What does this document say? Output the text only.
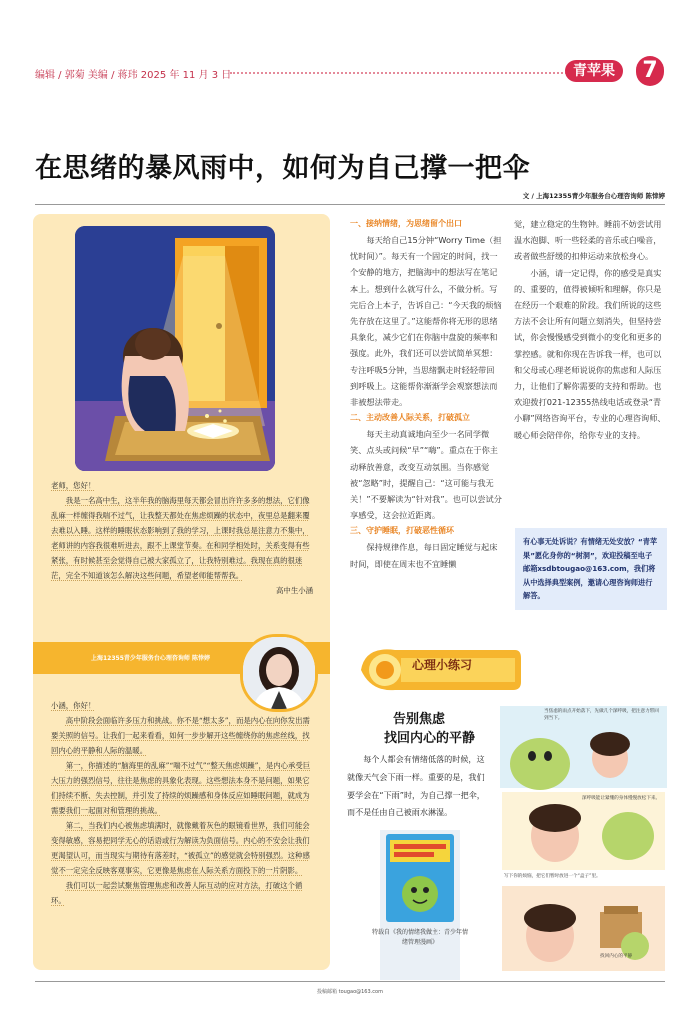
编辑 / 郭菊 美编 / 蒋玮 2025 年 11 月 3 日	青苹果	7
在思绪的暴风雨中，如何为自己撑一把伞
文 / 上海12355青少年服务台心理咨询师 陈悻婷

老师，您好！

我是一名高中生，这半年我的脑海里每天都会冒出许许多多的想法，它们像乱麻一样缠得我喘不过气，让我整天都处在焦虑烦躁的状态中，夜里总是翻来覆去难以入睡。这样的睡眠状态影响到了我的学习，上课时我总是注意力不集中，老师讲的内容我很难听进去，跟不上课堂节奏。在和同学相处时，关系变得有些紧张，有时候甚至会觉得自己被大家孤立了，让我特别难过。我现在真的很迷茫，完全不知道该怎么解决这些问题，希望老师能帮帮我。

高中生小涵

上海12355青少年服务台心理咨询师 陈悻婷

小涵，你好！

高中阶段会面临许多压力和挑战。你不是“想太多”，而是内心在向你发出需要关照的信号。让我们一起来看看，如何一步步解开这些缠绕你的焦虑丝线，找回内心的平静和人际的温暖。

第一，你描述的“脑海里的乱麻”“喘不过气”“整天焦虑烦躁”，是内心承受巨大压力的强烈信号，往往是焦虑的具象化表现。这些想法本身不是问题，如果它们持续不断、失去控制，并引发了持续的烦躁感和身体反应如睡眠问题，就成为需要我们一起面对和管理的挑战。

第二，当我们内心被焦虑填满时，就像戴着灰色的眼镜看世界，我们可能会变得敏感，容易把同学无心的话语或行为解读为负面信号。内心的不安会让我们更渴望认可，而当现实与期待有落差时，“被孤立”的感觉就会特别强烈。这种感觉不一定完全反映客观事实，它更像是焦虑在人际关系方面投下的一片阴影。

我们可以一起尝试聚焦管理焦虑和改善人际互动的应对方法，打破这个循环。

一、接纳情绪，为思绪留个出口

每天给自己15分钟“Worry Time（担忧时间）”。每天有一个固定的时间，找一个安静的地方，把脑海中的想法写在笔记本上。想到什么就写什么，不做分析。写完后合上本子，告诉自己：“今天我的烦恼先存放在这里了。”这能帮你将无形的思绪具象化，减少它们在你脑中盘旋的频率和强度。此外，我们还可以尝试简单冥想：专注呼吸5分钟，当思绪飘走时轻轻带回到呼吸上。这能帮你渐渐学会观察想法而非被想法带走。

二、主动改善人际关系，打破孤立

每天主动真诚地向至少一名同学微笑、点头或问候“早”“嗨”。重点在于你主动释放善意，改变互动氛围。当你感觉被“忽略”时，提醒自己：“这可能与我无关！”不要解读为“针对我”。也可以尝试分享感受，这会拉近距离。

三、守护睡眠，打破恶性循环

保持规律作息，每日固定睡觉与起床时间，即使在周末也不宜睡懒

觉，建立稳定的生物钟。睡前不妨尝试用温水泡脚、听一些轻柔的音乐或白噪音，或者做些舒缓的扣伸运动来放松身心。

小涵，请一定记得，你的感受是真实的、重要的，值得被倾听和理解，你只是在经历一个艰难的阶段。我们所说的这些方法不会让所有问题立刻消失，但坚持尝试，你会慢慢感受到微小的变化和更多的掌控感。就和你现在告诉我一样，也可以和父母或心理老师说说你的焦虑和人际压力，让他们了解你需要的支持和帮助。也欢迎拨打021-12355热线电话或登录“青小聊”网络咨询平台，专业的心理咨询师、暖心师会陪伴你，给你专业的支持。

有心事无处诉说？有情绪无处安放？“青苹果”愿化身你的“树洞”，欢迎投稿至电子邮箱xsdbtougao@163.com，我们将从中选择典型案例，邀请心理咨询师进行解答。
心理小练习
告别焦虑
找回内心的平静

每个人都会有情绪低落的时候，这就像天气会下雨一样。重要的是，我们要学会在“下雨”时，为自己撑一把伞，而不是任由自己被雨水淋湿。

特载自《我的情绪我做主：青少年情绪管理漫画》
当焦虑的雨点开始落下，先做几个深呼吸，把注意力带回到当下。
深呼吸能让紧绷的身体慢慢放松下来。
写下你的烦恼，把它们暂时放进一个“盒子”里。
找回内心的平静
投稿邮箱 tougao@163.com
